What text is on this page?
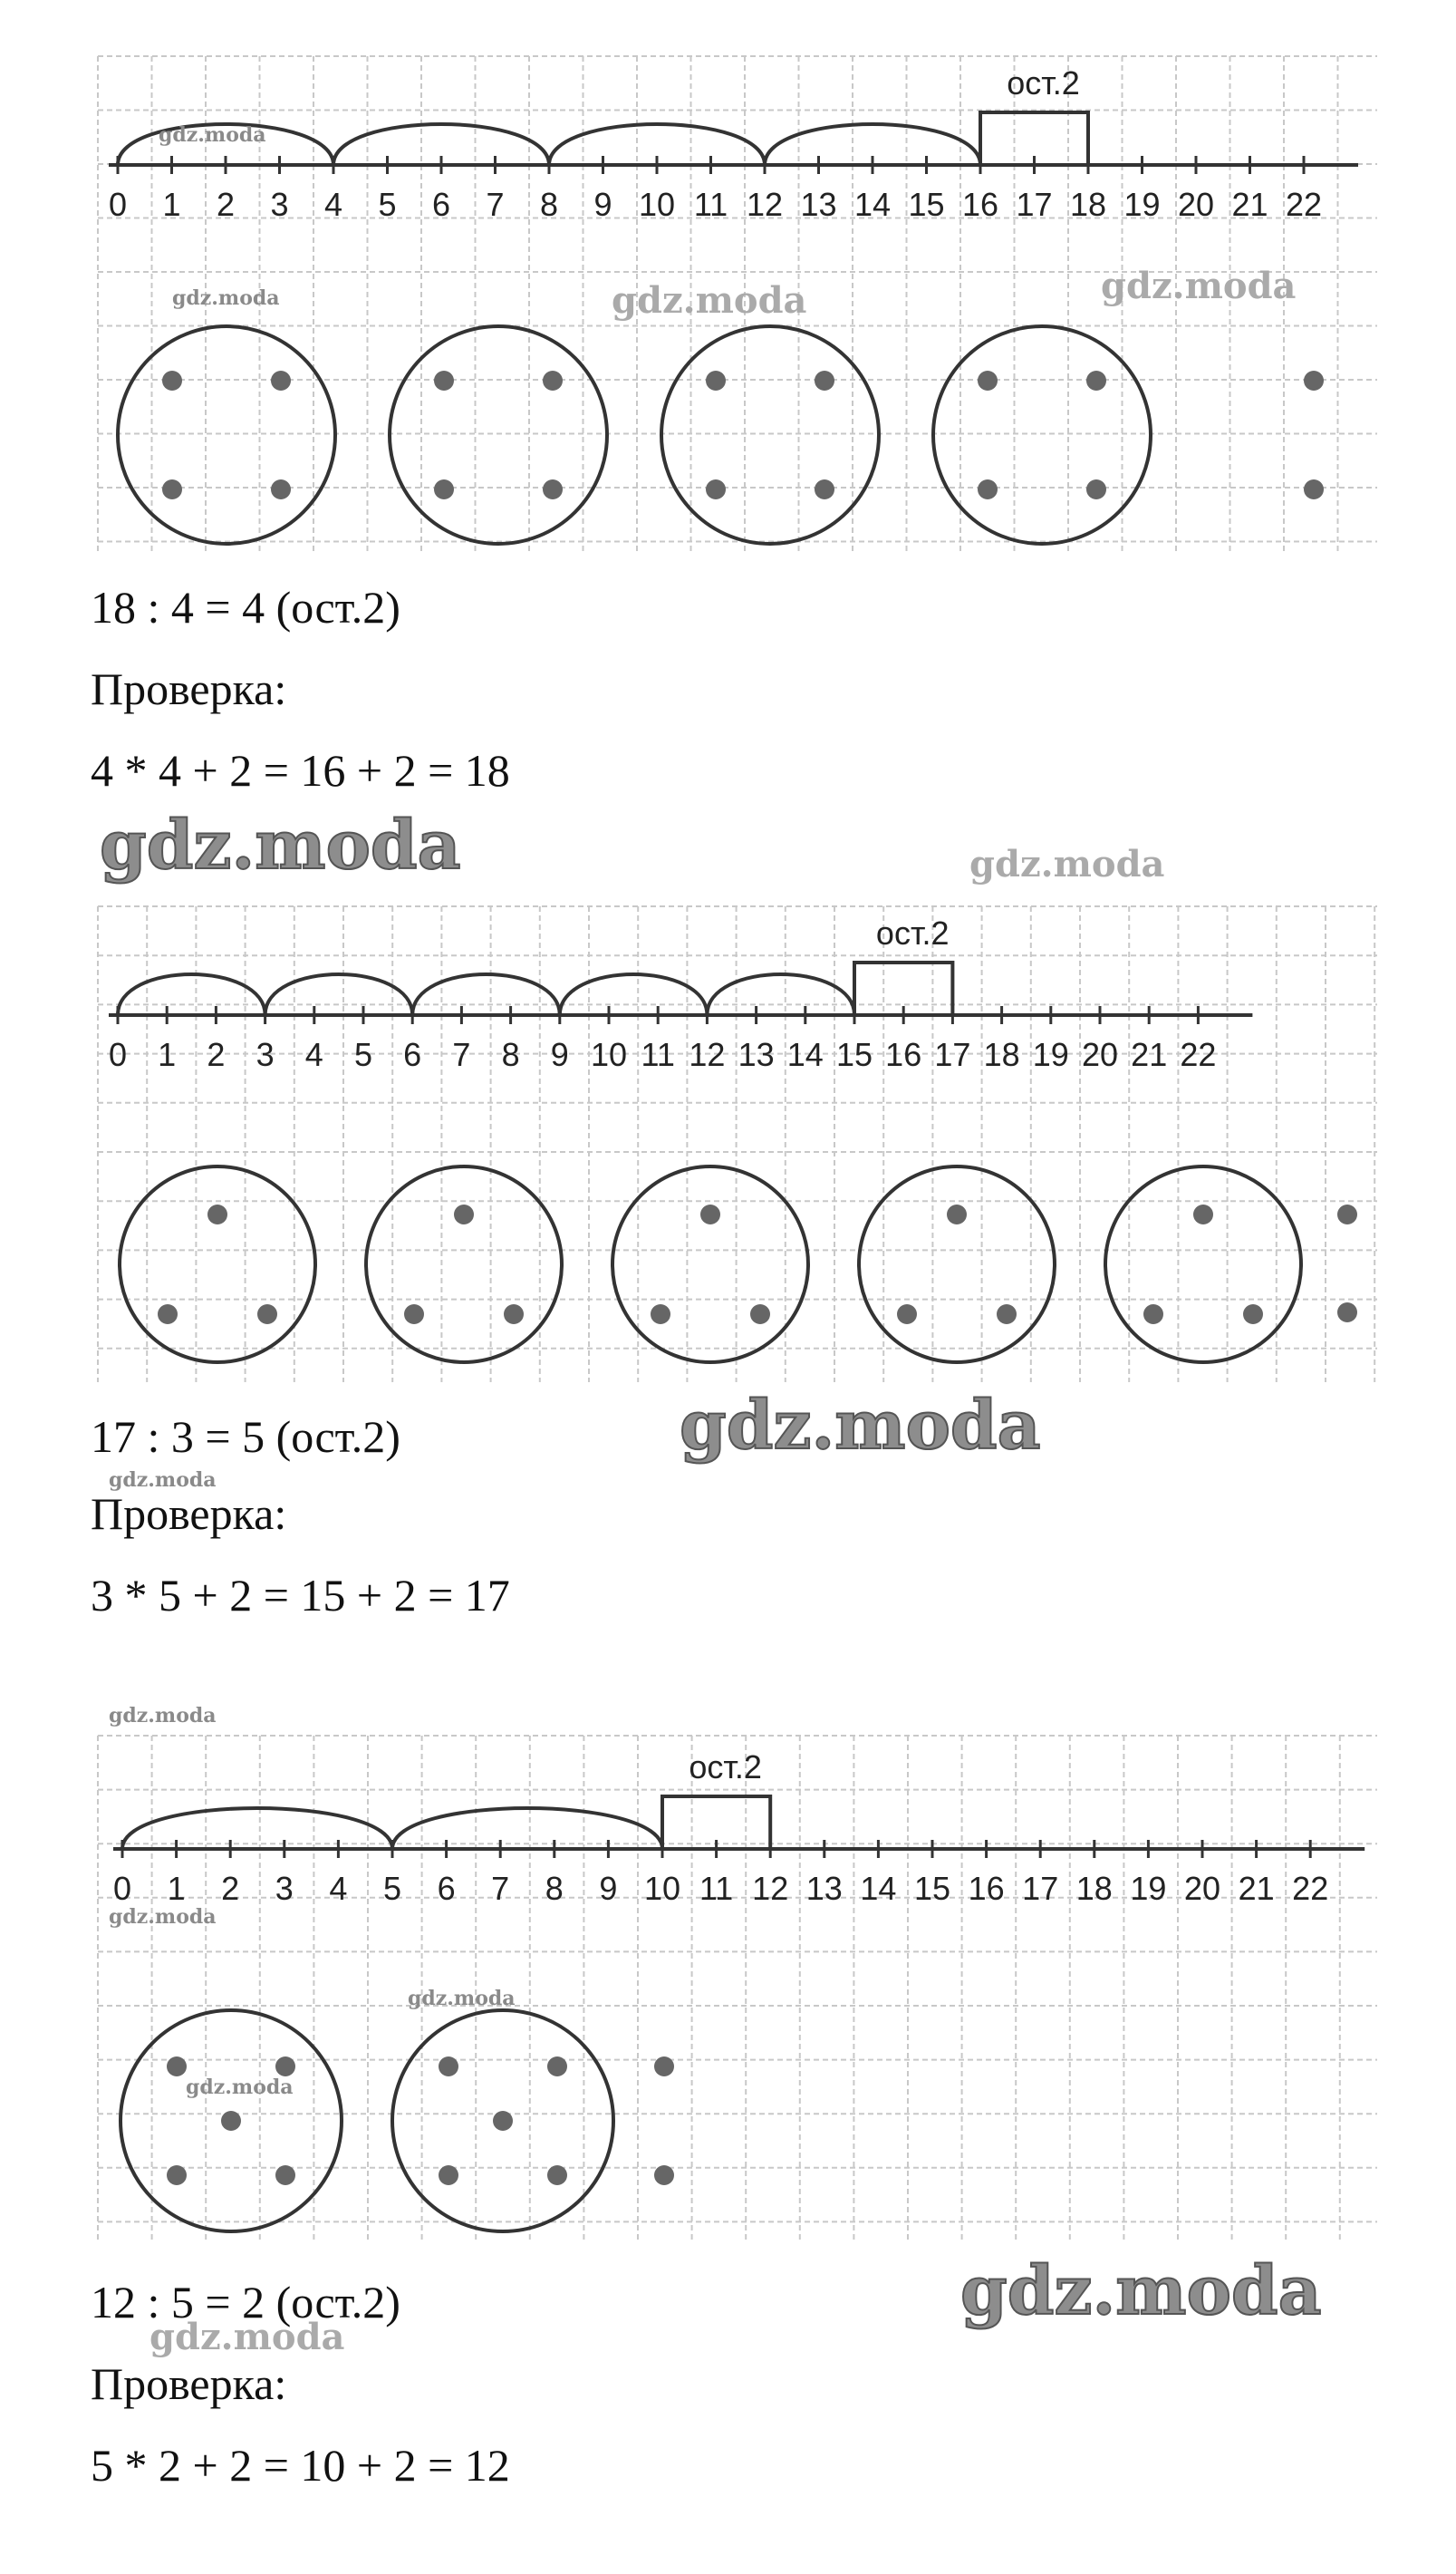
0 1 2 3 4 5 6 7 8 9 10 11 12 13 14 15 16 17 18 19 20 21 22
ост.2
0 1 2 3 4 5 6 7 8 9 10 11 12 13 14 15 16 17 18 19 20 21 22
ост.2
0 1 2 3 4 5 6 7 8 9 10 11 12 13 14 15 16 17 18 19 20 21 22
ост.2
18 : 4 = 4 (ост.2)
Проверка:
4 * 4 + 2 = 16 + 2 = 18
17 : 3 = 5 (ост.2)
Проверка:
3 * 5 + 2 = 15 + 2 = 17
12 : 5 = 2 (ост.2)
Проверка:
5 * 2 + 2 = 10 + 2 = 12
gdz.moda
gdz.moda	gdz.moda	gdz.moda
gdz.moda	gdz.moda
gdz.moda
gdz.moda
gdz.moda
gdz.moda
gdz.moda
gdz.moda
gdz.moda
gdz.moda
